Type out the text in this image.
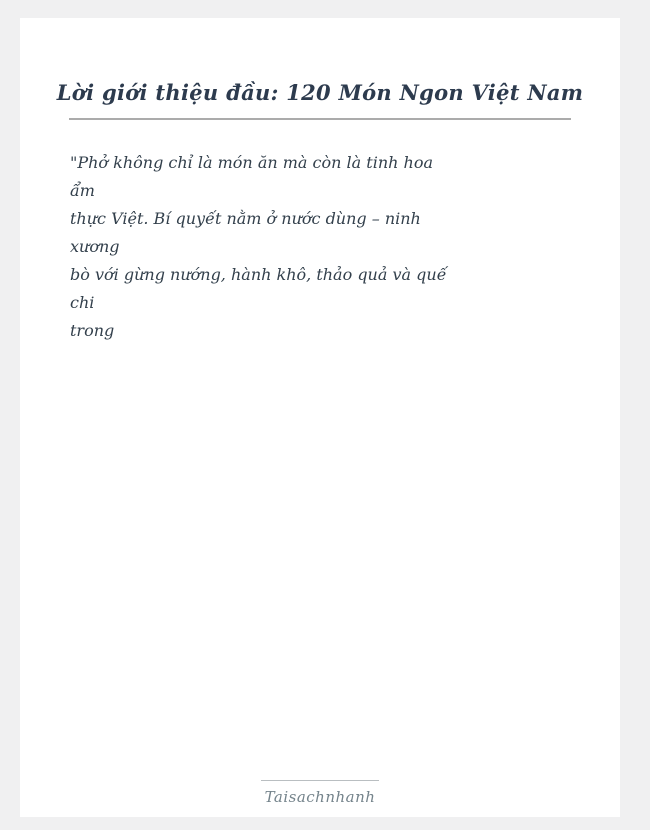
Lời giới thiệu đầu: 120 Món Ngon Việt Nam
"Phở không chỉ là món ăn mà còn là tinh hoa
ẩm
thực Việt. Bí quyết nằm ở nước dùng – ninh
xương
bò với gừng nướng, hành khô, thảo quả và quế
chi
trong
Taisachnhanh
